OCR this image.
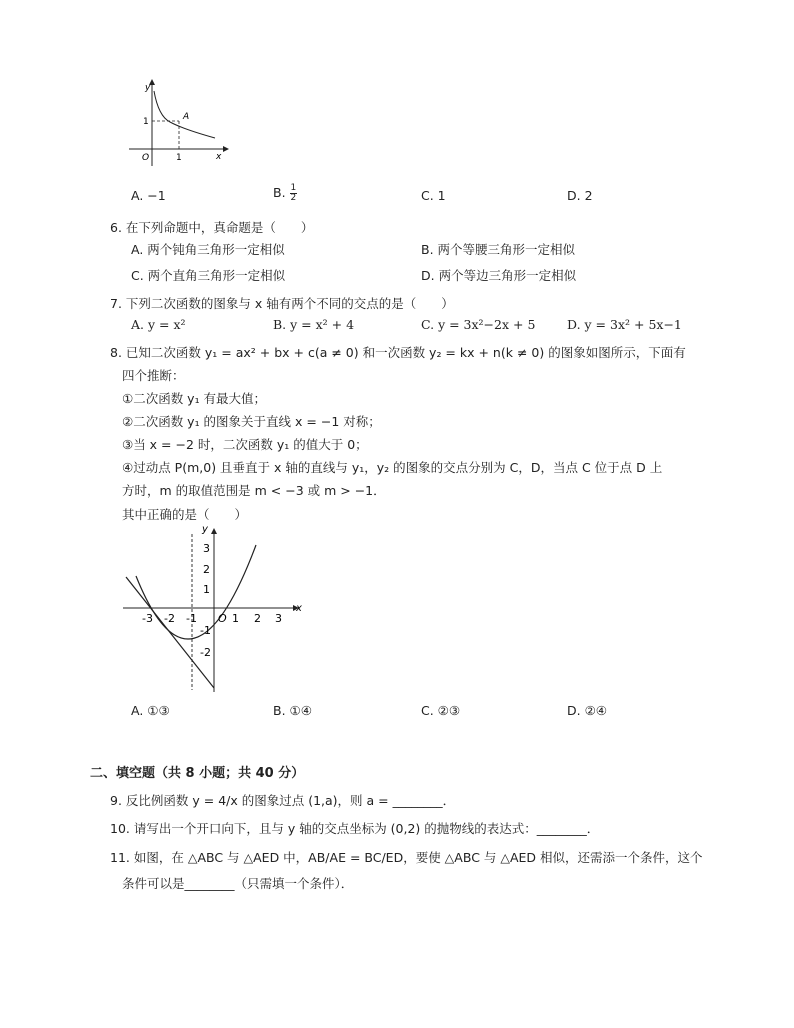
y
A
1
O	1	x
A. −1	B. 1
2	C. 1	D. 2
6. 在下列命题中，真命题是（　　）
A. 两个钝角三角形一定相似	B. 两个等腰三角形一定相似
C. 两个直角三角形一定相似	D. 两个等边三角形一定相似
7. 下列二次函数的图象与 x 轴有两个不同的交点的是（　　）
A. y = x²	B. y = x² + 4	C. y = 3x²−2x + 5	D. y = 3x² + 5x−1
8. 已知二次函数 y₁ = ax² + bx + c(a ≠ 0) 和一次函数 y₂ = kx + n(k ≠ 0) 的图象如图所示，下面有
四个推断：
①二次函数 y₁ 有最大值；
②二次函数 y₁ 的图象关于直线 x = −1 对称；
③当 x = −2 时，二次函数 y₁ 的值大于 0；
④过动点 P(m,0) 且垂直于 x 轴的直线与 y₁，y₂ 的图象的交点分别为 C，D，当点 C 位于点 D 上
方时，m 的取值范围是 m < −3 或 m > −1．
其中正确的是（　　）
y
x
3
2
1
-1
-2
-3 -2 -1 O 1 2 3
A. ①③	B. ①④	C. ②③	D. ②④
二、填空题（共 8 小题；共 40 分）
9. 反比例函数 y = 4/x 的图象过点 (1,a)，则 a = ________．
10. 请写出一个开口向下，且与 y 轴的交点坐标为 (0,2) 的抛物线的表达式：________．
11. 如图，在 △ABC 与 △AED 中，AB/AE = BC/ED，要使 △ABC 与 △AED 相似，还需添一个条件，这个
条件可以是________（只需填一个条件）．
